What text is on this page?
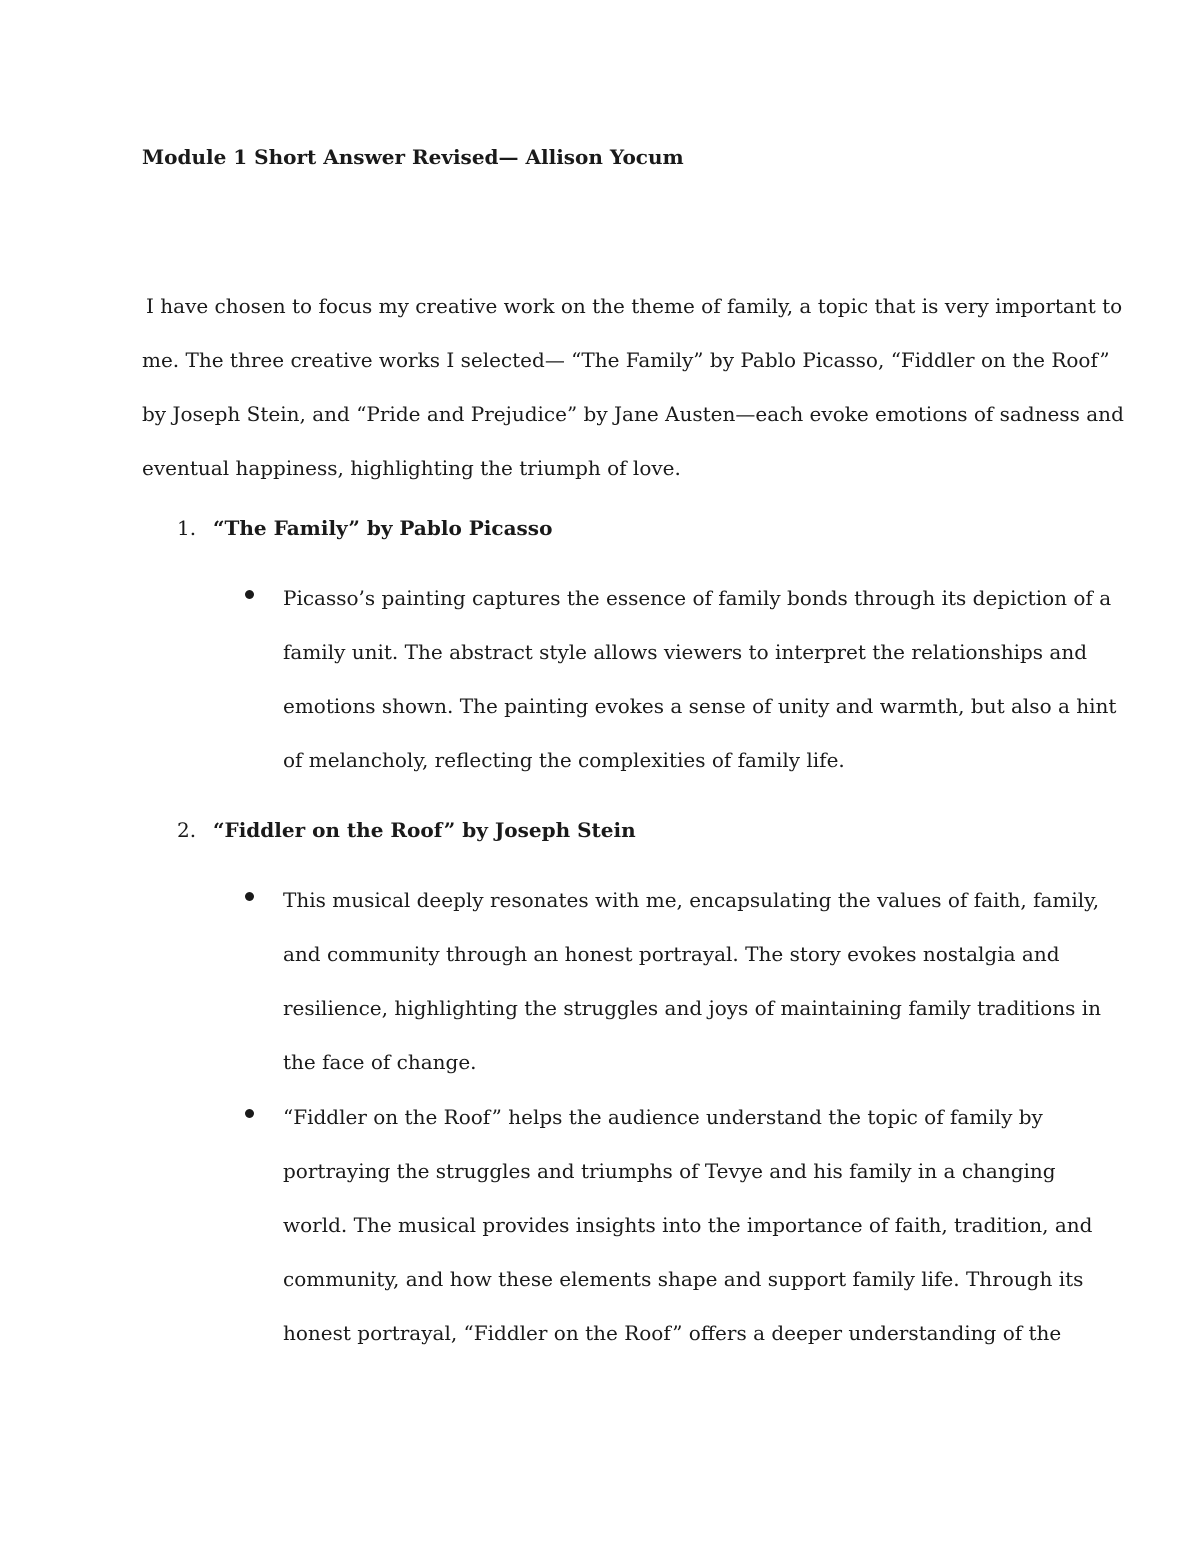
Module 1 Short Answer Revised— Allison Yocum

I have chosen to focus my creative work on the theme of family, a topic that is very important to
me. The three creative works I selected— “The Family” by Pablo Picasso, “Fiddler on the Roof”
by Joseph Stein, and “Pride and Prejudice” by Jane Austen—each evoke emotions of sadness and
eventual happiness, highlighting the triumph of love.

1. “The Family” by Pablo Picasso
Picasso’s painting captures the essence of family bonds through its depiction of a
family unit. The abstract style allows viewers to interpret the relationships and
emotions shown. The painting evokes a sense of unity and warmth, but also a hint
of melancholy, reflecting the complexities of family life.
2. “Fiddler on the Roof” by Joseph Stein
This musical deeply resonates with me, encapsulating the values of faith, family,
and community through an honest portrayal. The story evokes nostalgia and
resilience, highlighting the struggles and joys of maintaining family traditions in
the face of change.
“Fiddler on the Roof” helps the audience understand the topic of family by
portraying the struggles and triumphs of Tevye and his family in a changing
world. The musical provides insights into the importance of faith, tradition, and
community, and how these elements shape and support family life. Through its
honest portrayal, “Fiddler on the Roof” offers a deeper understanding of the
